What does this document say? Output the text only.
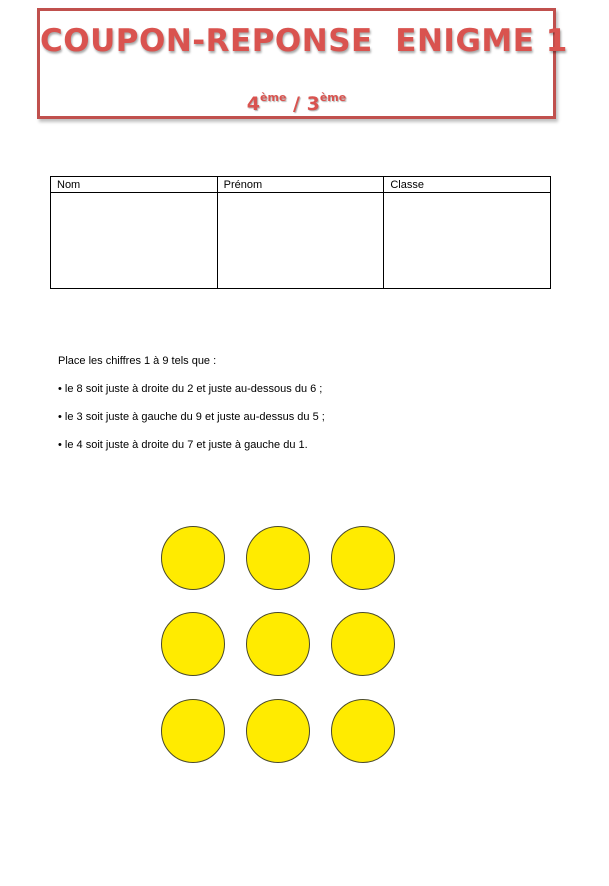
COUPON-REPONSE  ENIGME 1
4ème / 3ème
Nom	Prénom	Classe

Place les chiffres 1 à 9 tels que :

• le 8 soit juste à droite du 2 et juste au-dessous du 6 ;

• le 3 soit juste à gauche du 9 et juste au-dessus du 5 ;

• le 4 soit juste à droite du 7 et juste à gauche du 1.
